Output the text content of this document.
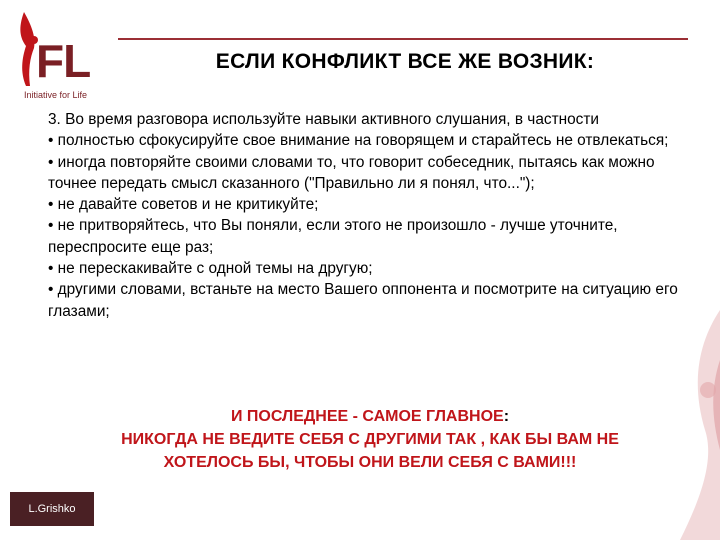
FL
Initiative for Life
ЕСЛИ КОНФЛИКТ ВСЕ ЖЕ ВОЗНИК:

3. Во время разговора используйте навыки активного слушания, в частности

• полностью сфокусируйте свое внимание на говорящем и старайтесь не отвлекаться;

• иногда повторяйте своими словами то, что говорит собеседник, пытаясь как можно точнее передать смысл сказанного ("Правильно ли я понял, что...");

• не давайте советов и не критикуйте;

• не притворяйтесь, что Вы поняли, если этого не произошло - лучше уточните, переспросите еще раз;

• не перескакивайте с одной темы на другую;

• другими словами, встаньте на место Вашего оппонента и посмотрите на ситуацию его глазами;

И ПОСЛЕДНЕЕ - САМОЕ ГЛАВНОЕ:

НИКОГДА НЕ ВЕДИТЕ СЕБЯ С ДРУГИМИ ТАК , КАК БЫ ВАМ НЕ

ХОТЕЛОСЬ БЫ, ЧТОБЫ ОНИ ВЕЛИ СЕБЯ С ВАМИ!!!

L.Grishko
